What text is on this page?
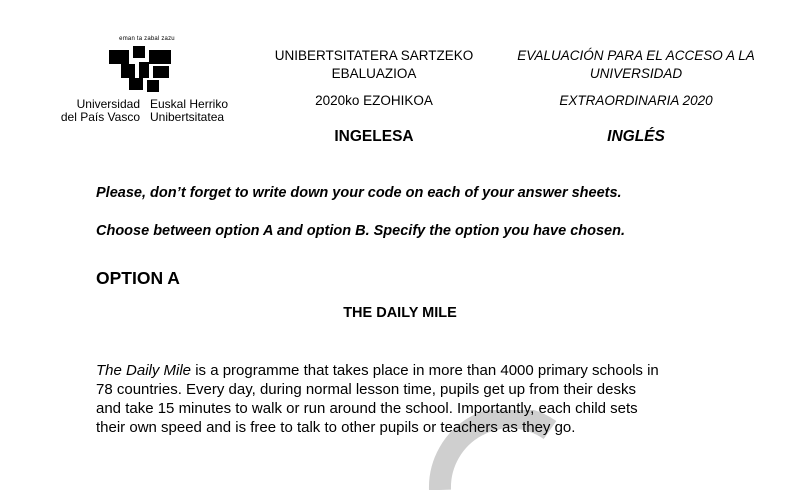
eman ta zabal zazu
Universidad
del País Vasco
Euskal Herriko
Unibertsitatea
UNIBERTSITATERA SARTZEKO
EBALUAZIOA
2020ko EZOHIKOA
INGELESA
EVALUACIÓN PARA EL ACCESO A LA
UNIVERSIDAD
EXTRAORDINARIA 2020
INGLÉS
Please, don’t forget to write down your code on each of your answer sheets.
Choose between option A and option B. Specify the option you have chosen.
OPTION A
THE DAILY MILE
The Daily Mile is a programme that takes place in more than 4000 primary schools in
78 countries. Every day, during normal lesson time, pupils get up from their desks
and take 15 minutes to walk or run around the school. Importantly, each child sets
their own speed and is free to talk to other pupils or teachers as they go.
